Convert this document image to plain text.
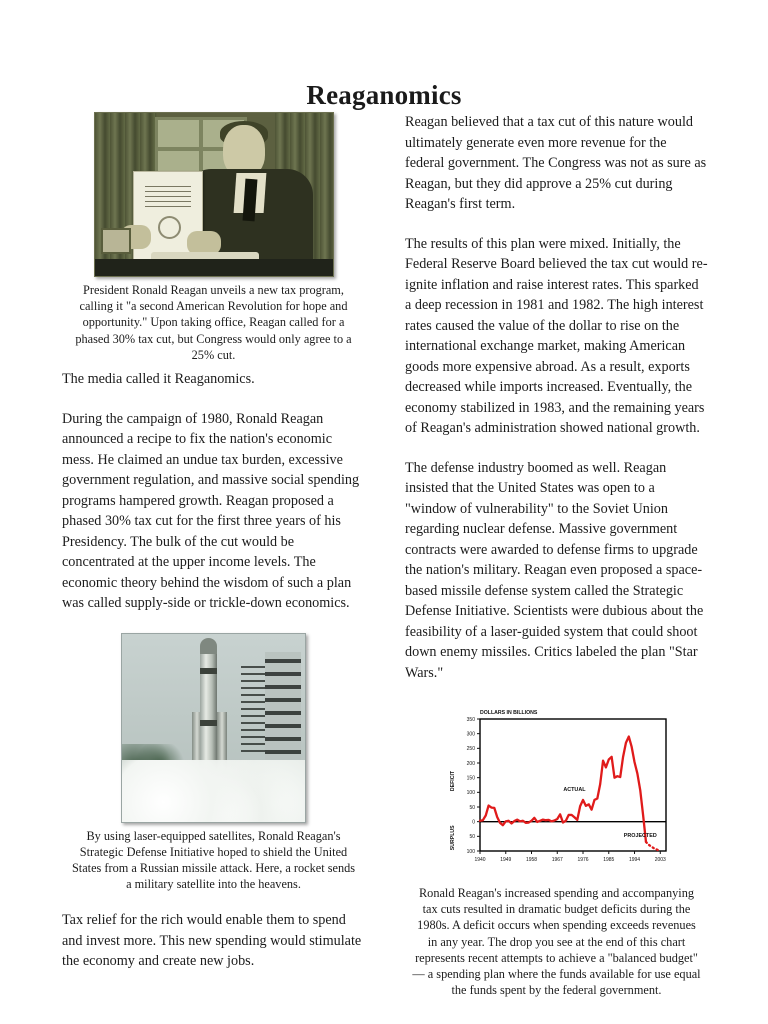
Reaganomics
President Ronald Reagan unveils a new tax program, calling it "a second American Revolution for hope and opportunity." Upon taking office, Reagan called for a phased 30% tax cut, but Congress would only agree to a 25% cut.

The media called it Reaganomics.

During the campaign of 1980, Ronald Reagan announced a recipe to fix the nation's economic mess. He claimed an undue tax burden, excessive government regulation, and massive social spending programs hampered growth. Reagan proposed a phased 30% tax cut for the first three years of his Presidency. The bulk of the cut would be concentrated at the upper income levels. The economic theory behind the wisdom of such a plan was called supply-side or trickle-down economics.

By using laser-equipped satellites, Ronald Reagan's Strategic Defense Initiative hoped to shield the United States from a Russian missile attack. Here, a rocket sends a military satellite into the heavens.

Tax relief for the rich would enable them to spend and invest more. This new spending would stimulate the economy and create new jobs.

Reagan believed that a tax cut of this nature would ultimately generate even more revenue for the federal government. The Congress was not as sure as Reagan, but they did approve a 25% cut during Reagan's first term.

The results of this plan were mixed. Initially, the Federal Reserve Board believed the tax cut would re-ignite inflation and raise interest rates. This sparked a deep recession in 1981 and 1982. The high interest rates caused the value of the dollar to rise on the international exchange market, making American goods more expensive abroad. As a result, exports decreased while imports increased. Eventually, the economy stabilized in 1983, and the remaining years of Reagan's administration showed national growth.

The defense industry boomed as well. Reagan insisted that the United States was open to a "window of vulnerability" to the Soviet Union regarding nuclear defense. Massive government contracts were awarded to defense firms to upgrade the nation's military. Reagan even proposed a space-based missile defense system called the Strategic Defense Initiative. Scientists were dubious about the feasibility of a laser-guided system that could shoot down enemy missiles. Critics labeled the plan "Star Wars."

DOLLARS IN BILLIONS
350
300
250
200
150
100
50
0
50
100
1940	1949	1958	1967	1976	1985	1994	2003
DEFICIT
SURPLUS
ACTUAL
PROJECTED
Ronald Reagan's increased spending and accompanying tax cuts resulted in dramatic budget deficits during the 1980s. A deficit occurs when spending exceeds revenues in any year. The drop you see at the end of this chart represents recent attempts to achieve a "balanced budget" — a spending plan where the funds available for use equal the funds spent by the federal government.
